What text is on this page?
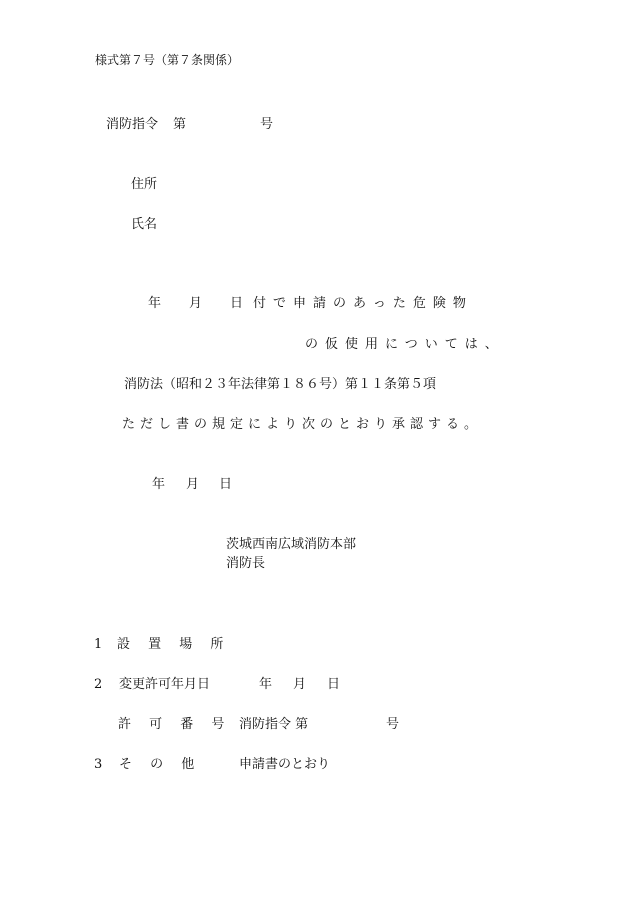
様式第７号（第７条関係）
消防指令 第	号
住所
氏名
年 月 日 付で申請のあった危険物
の仮使用については、
消防法（昭和２３年法律第１８６号）第１１条第５項
ただし書の規定により次のとおり承認する。
年 月 日
茨城西南広域消防本部
消防長
1 設 置 場 所
2 変更許可年月日	年 月 日
許 可 番 号 消防指令 第	号
3 そ の 他	申請書のとおり
